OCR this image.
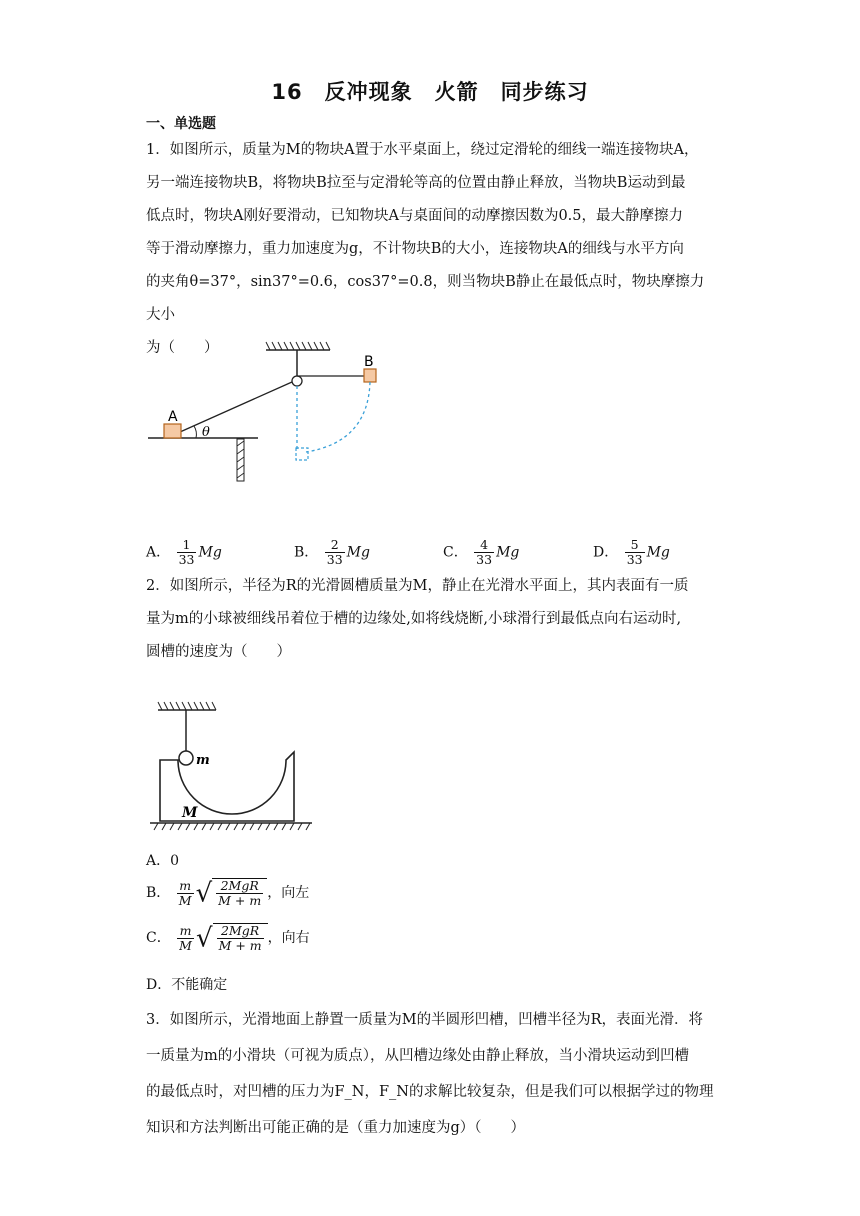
16　反冲现象　火箭　同步练习
一、单选题
1．如图所示，质量为M的物块A置于水平桌面上，绕过定滑轮的细线一端连接物块A，
另一端连接物块B，将物块B拉至与定滑轮等高的位置由静止释放，当物块B运动到最
低点时，物块A刚好要滑动，已知物块A与桌面间的动摩擦因数为0.5，最大静摩擦力
等于滑动摩擦力，重力加速度为g，不计物块B的大小，连接物块A的细线与水平方向
的夹角θ=37°，sin37°=0.6，cos37°=0.8，则当物块B静止在最低点时，物块摩擦力大小
为（　　）
B
A
θ
A． $\frac{1}{33}$ Mg	B． $\frac{2}{33}$ Mg	C． $\frac{4}{33}$ Mg	D． $\frac{5}{33}$ Mg
2．如图所示，半径为R的光滑圆槽质量为M，静止在光滑水平面上，其内表面有一质
量为m的小球被细线吊着位于槽的边缘处,如将线烧断,小球滑行到最低点向右运动时,
圆槽的速度为（　　）
m
M
A．0
B． $\frac{m}{M}$ √ $\frac{\text{2MgR}}{M + m}$ ，向左
C． $\frac{m}{M}$ √ $\frac{\text{2MgR}}{M + m}$ ，向右
D．不能确定
3．如图所示，光滑地面上静置一质量为M的半圆形凹槽，凹槽半径为R，表面光滑．将
一质量为m的小滑块（可视为质点），从凹槽边缘处由静止释放，当小滑块运动到凹槽
的最低点时，对凹槽的压力为F_N，F_N的求解比较复杂，但是我们可以根据学过的物理
知识和方法判断出可能正确的是（重力加速度为g）（　　）
